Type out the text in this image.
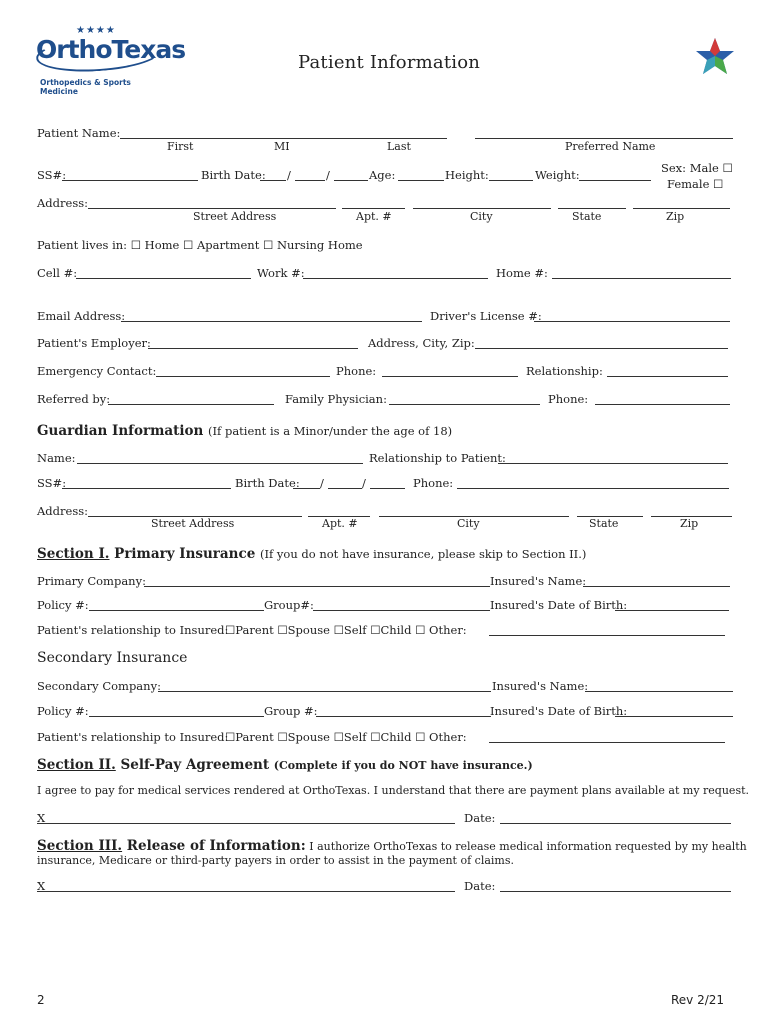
★★★★
OrthoTexas
Orthopedics & Sports Medicine
Patient Information
Patient Name:
First	MI	Last	Preferred Name
SS#:	Birth Date: /	/	Age:	Height:	Weight:	Sex: Male ☐
Female ☐
Address:
Street Address	Apt. #	City	State	Zip
Patient lives in: ☐ Home ☐ Apartment ☐ Nursing Home
Cell #:	Work #:	Home #:
Email Address:	Driver's License #:
Patient's Employer:	Address, City, Zip:
Emergency Contact:	Phone:	Relationship:
Referred by:	Family Physician:	Phone:
Guardian Information (If patient is a Minor/under the age of 18)
Name:	Relationship to Patient:
SS#:	Birth Date: /	/	Phone:
Address:
Street Address	Apt. #	City	State	Zip
Section I. Primary Insurance (If you do not have insurance, please skip to Section II.)
Primary Company:	Insured's Name:
Policy #:	Group#:	Insured's Date of Birth:
Patient's relationship to Insured:
☐Parent ☐Spouse ☐Self ☐Child ☐ Other:
Secondary Insurance
Secondary Company:	Insured's Name:
Policy #:	Group #:	Insured's Date of Birth:
Patient's relationship to Insured:
☐Parent ☐Spouse ☐Self ☐Child ☐ Other:
Section II. Self-Pay Agreement (Complete if you do NOT have insurance.)
I agree to pay for medical services rendered at OrthoTexas. I understand that there are payment plans available at my request.
X	Date:
Section III. Release of Information: I authorize OrthoTexas to release medical information requested by my health
insurance, Medicare or third-party payers in order to assist in the payment of claims.
X	Date:
2	Rev 2/21
